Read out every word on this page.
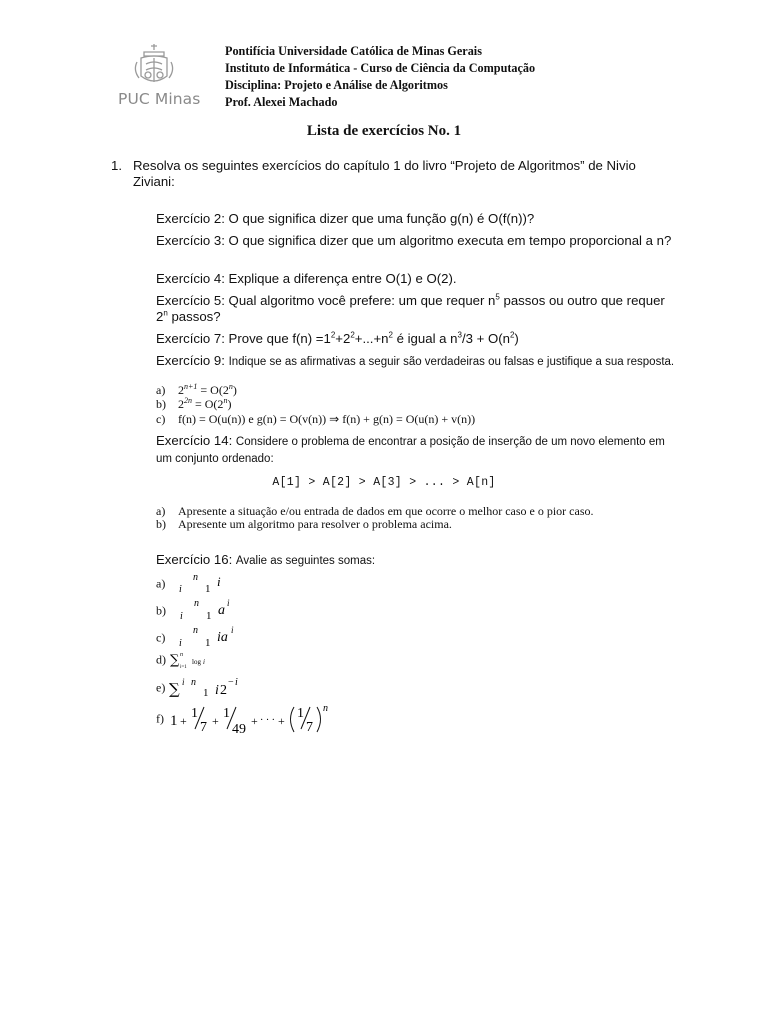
PUC Minas
Pontifícia Universidade Católica de Minas Gerais
Instituto de Informática - Curso de Ciência da Computação
Disciplina: Projeto e Análise de Algoritmos
Prof. Alexei Machado
Lista de exercícios No. 1
1. Resolva os seguintes exercícios do capítulo 1 do livro “Projeto de Algoritmos” de Nivio Ziviani:
Exercício 2: O que significa dizer que uma função g(n) é O(f(n))?
Exercício 3: O que significa dizer que um algoritmo executa em tempo proporcional a n?
Exercício 4: Explique a diferença entre O(1) e O(2).
Exercício 5: Qual algoritmo você prefere: um que requer $n^5$ passos ou outro que requer 2$^n$ passos?
Exercício 7: Prove que $f(n) =1^2+2^2+...+n^2$ é igual a $n^3/3 + O(n^2)$
Exercício 9: Indique se as afirmativas a seguir são verdadeiras ou falsas e justifique a sua resposta.
a) $2^{n+1} = O(2^n)$
b) $2^{2n} = O(2^n)$
c) f(n) = O(u(n)) e g(n) = O(v(n)) ⇒ f(n) + g(n) = O(u(n) + v(n))
Exercício 14: Considere o problema de encontrar a posição de inserção de um novo elemento em um conjunto ordenado:
A[1] > A[2] > A[3] > ... > A[n]
a) Apresente a situação e/ou entrada de dados em que ocorre o melhor caso e o pior caso.
b) Apresente um algoritmo para resolver o problema acima.
Exercício 16: Avalie as seguintes somas:
a)	n
i 1 i
b)
n
i 1 a i
c)
n
i 1 ia i
d) ∑ n
i=1
log i
e) ∑ i n
1 i 2
− i
f) 1 + 1
7 + 1
49
+ · · · + 1
7
n
